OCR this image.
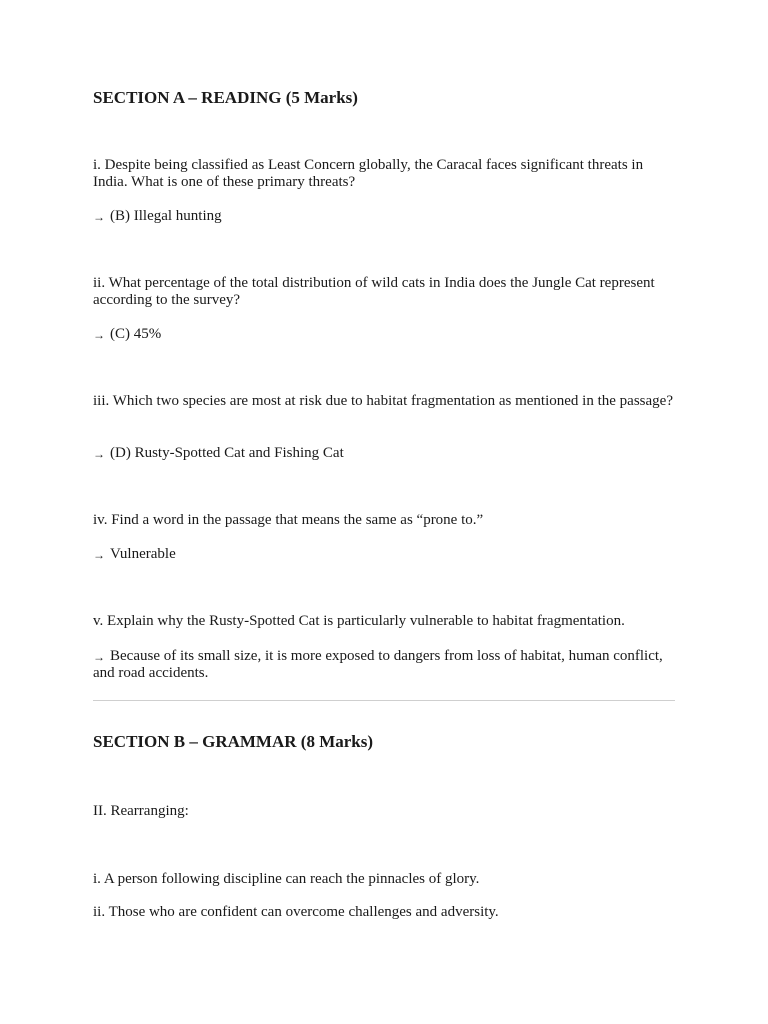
SECTION A – READING (5 Marks)

i. Despite being classified as Least Concern globally, the Caracal faces significant threats in India. What is one of these primary threats?

→ (B) Illegal hunting

ii. What percentage of the total distribution of wild cats in India does the Jungle Cat represent according to the survey?

→ (C) 45%

iii. Which two species are most at risk due to habitat fragmentation as mentioned in the passage?

→ (D) Rusty-Spotted Cat and Fishing Cat

iv. Find a word in the passage that means the same as “prone to.”

→ Vulnerable

v. Explain why the Rusty-Spotted Cat is particularly vulnerable to habitat fragmentation.

→ Because of its small size, it is more exposed to dangers from loss of habitat, human conflict, and road accidents.

SECTION B – GRAMMAR (8 Marks)

II. Rearranging:

i. A person following discipline can reach the pinnacles of glory.

ii. Those who are confident can overcome challenges and adversity.
